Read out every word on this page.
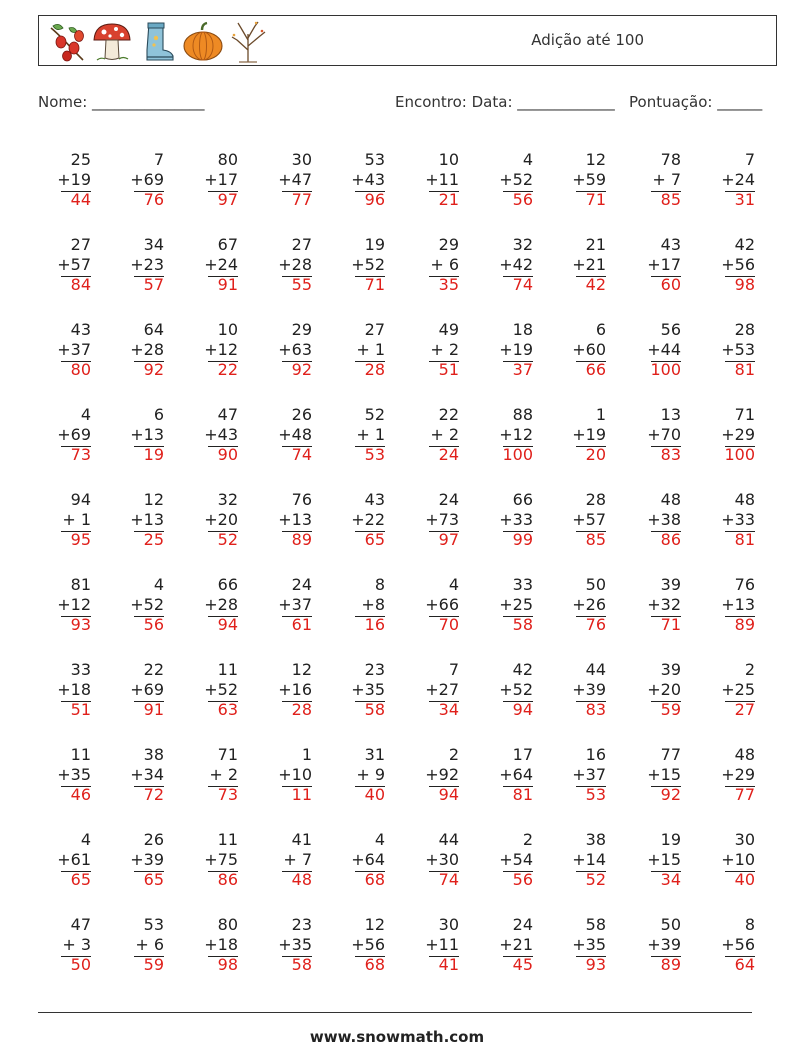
Adição até 100
Nome: _______________	Encontro: Data: _____________ Pontuação: ______
25
+19
44
7
+69
76
80
+17
97
30
+47
77
53
+43
96
10
+11
21
4
+52
56
12
+59
71
78
+ 7
85
7
+24
31
27
+57
84
34
+23
57
67
+24
91
27
+28
55
19
+52
71
29
+ 6
35
32
+42
74
21
+21
42
43
+17
60
42
+56
98
43
+37
80
64
+28
92
10
+12
22
29
+63
92
27
+ 1
28
49
+ 2
51
18
+19
37
6
+60
66
56
+44
100
28
+53
81
4
+69
73
6
+13
19
47
+43
90
26
+48
74
52
+ 1
53
22
+ 2
24
88
+12
100
1
+19
20
13
+70
83
71
+29
100
94
+ 1
95
12
+13
25
32
+20
52
76
+13
89
43
+22
65
24
+73
97
66
+33
99
28
+57
85
48
+38
86
48
+33
81
81
+12
93
4
+52
56
66
+28
94
24
+37
61
8
+8
16
4
+66
70
33
+25
58
50
+26
76
39
+32
71
76
+13
89
33
+18
51
22
+69
91
11
+52
63
12
+16
28
23
+35
58
7
+27
34
42
+52
94
44
+39
83
39
+20
59
2
+25
27
11
+35
46
38
+34
72
71
+ 2
73
1
+10
11
31
+ 9
40
2
+92
94
17
+64
81
16
+37
53
77
+15
92
48
+29
77
4
+61
65
26
+39
65
11
+75
86
41
+ 7
48
4
+64
68
44
+30
74
2
+54
56
38
+14
52
19
+15
34
30
+10
40
47
+ 3
50
53
+ 6
59
80
+18
98
23
+35
58
12
+56
68
30
+11
41
24
+21
45
58
+35
93
50
+39
89
8
+56
64
www.snowmath.com
